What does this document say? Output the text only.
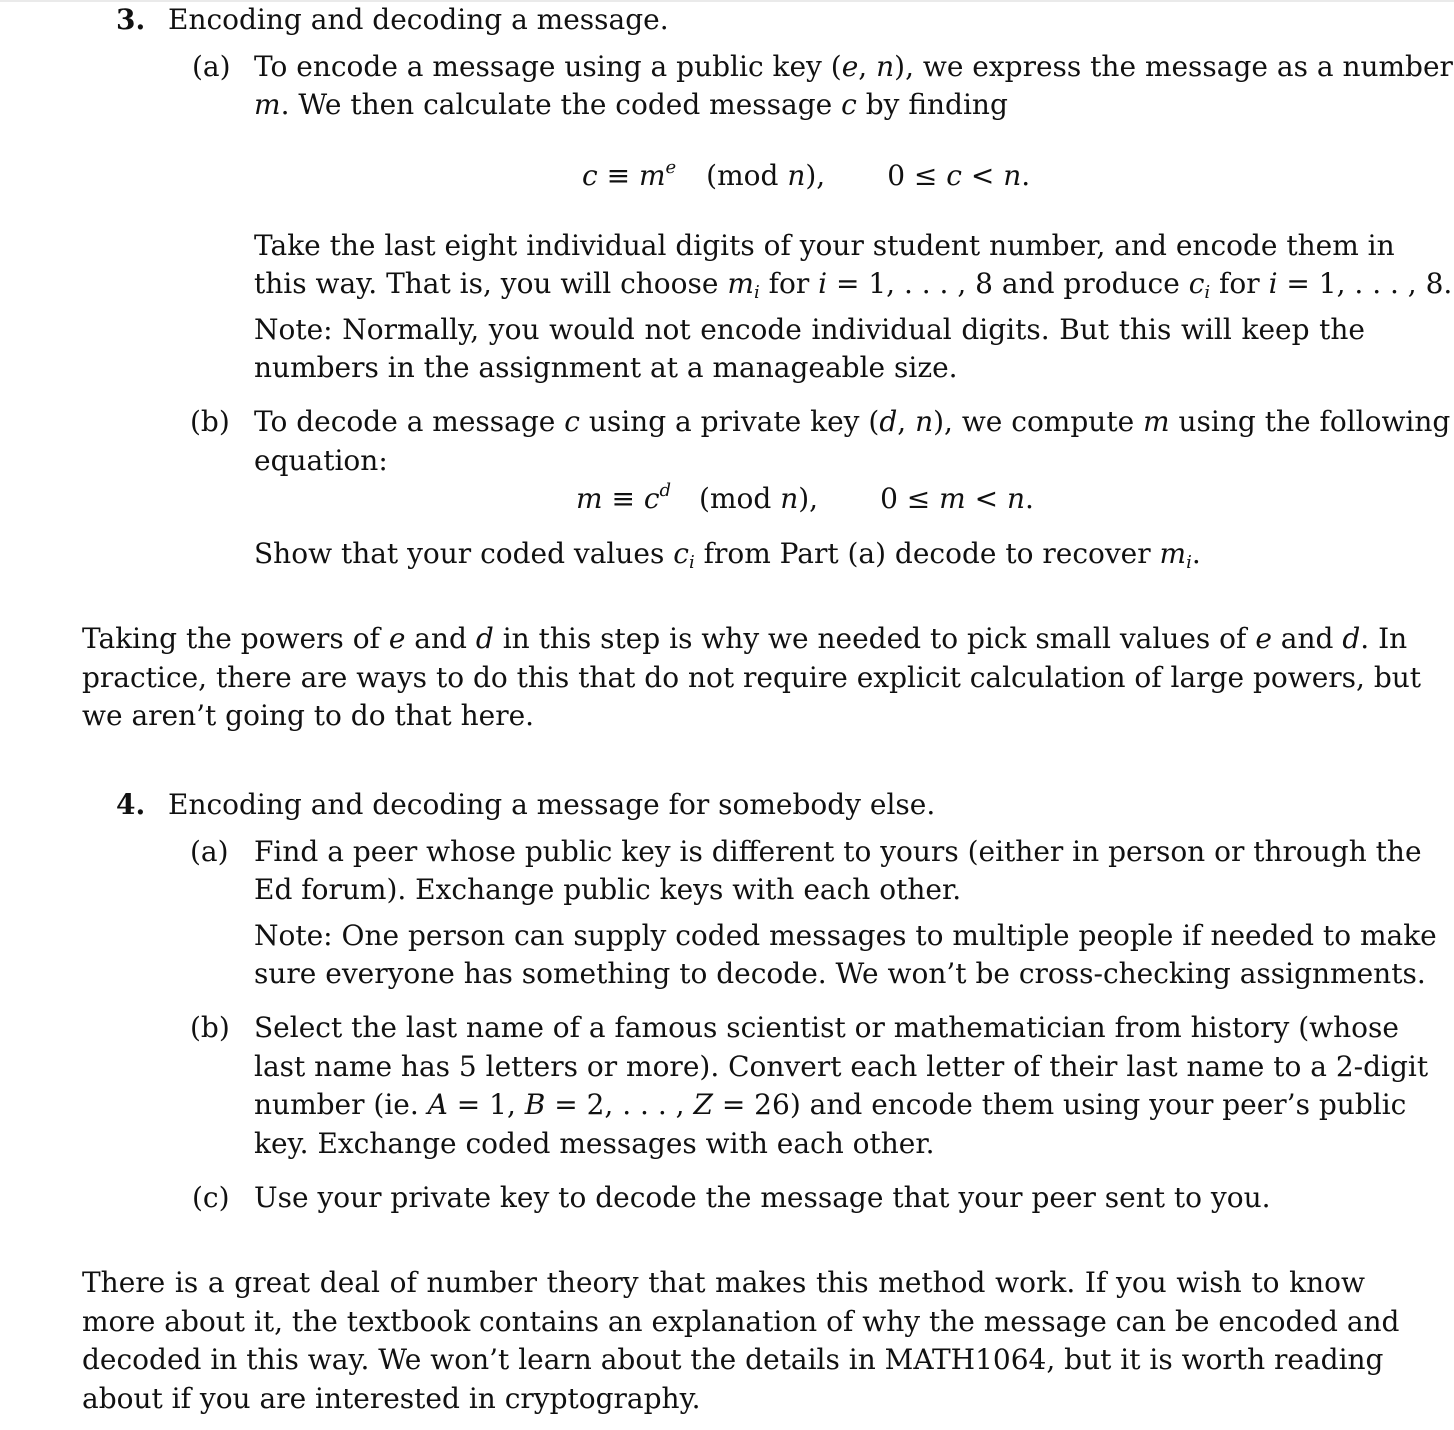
3. Encoding and decoding a message.
(a) To encode a message using a public key (e, n), we express the message as a number
m. We then calculate the coded message c by finding
$c \equiv m^e$ (mod n), 0 ≤ c < n.
Take the last eight individual digits of your student number, and encode them in
this way. That is, you will choose $m_i$ for i = 1, . . . , 8 and produce $c_i$ for i = 1, . . . , 8.
Note: Normally, you would not encode individual digits. But this will keep the
numbers in the assignment at a manageable size.
(b) To decode a message c using a private key (d, n), we compute m using the following
equation:
$m \equiv c^d$ (mod n), 0 ≤ m < n.
Show that your coded values $c_i$ from Part (a) decode to recover $m_i$.
Taking the powers of e and d in this step is why we needed to pick small values of e and d. In
practice, there are ways to do this that do not require explicit calculation of large powers, but
we aren’t going to do that here.
4. Encoding and decoding a message for somebody else.
(a) Find a peer whose public key is different to yours (either in person or through the
Ed forum). Exchange public keys with each other.
Note: One person can supply coded messages to multiple people if needed to make
sure everyone has something to decode. We won’t be cross-checking assignments.
(b) Select the last name of a famous scientist or mathematician from history (whose
last name has 5 letters or more). Convert each letter of their last name to a 2-digit
number (ie. A = 1, B = 2, . . . , Z = 26) and encode them using your peer’s public
key. Exchange coded messages with each other.
(c) Use your private key to decode the message that your peer sent to you.
There is a great deal of number theory that makes this method work. If you wish to know
more about it, the textbook contains an explanation of why the message can be encoded and
decoded in this way. We won’t learn about the details in MATH1064, but it is worth reading
about if you are interested in cryptography.
